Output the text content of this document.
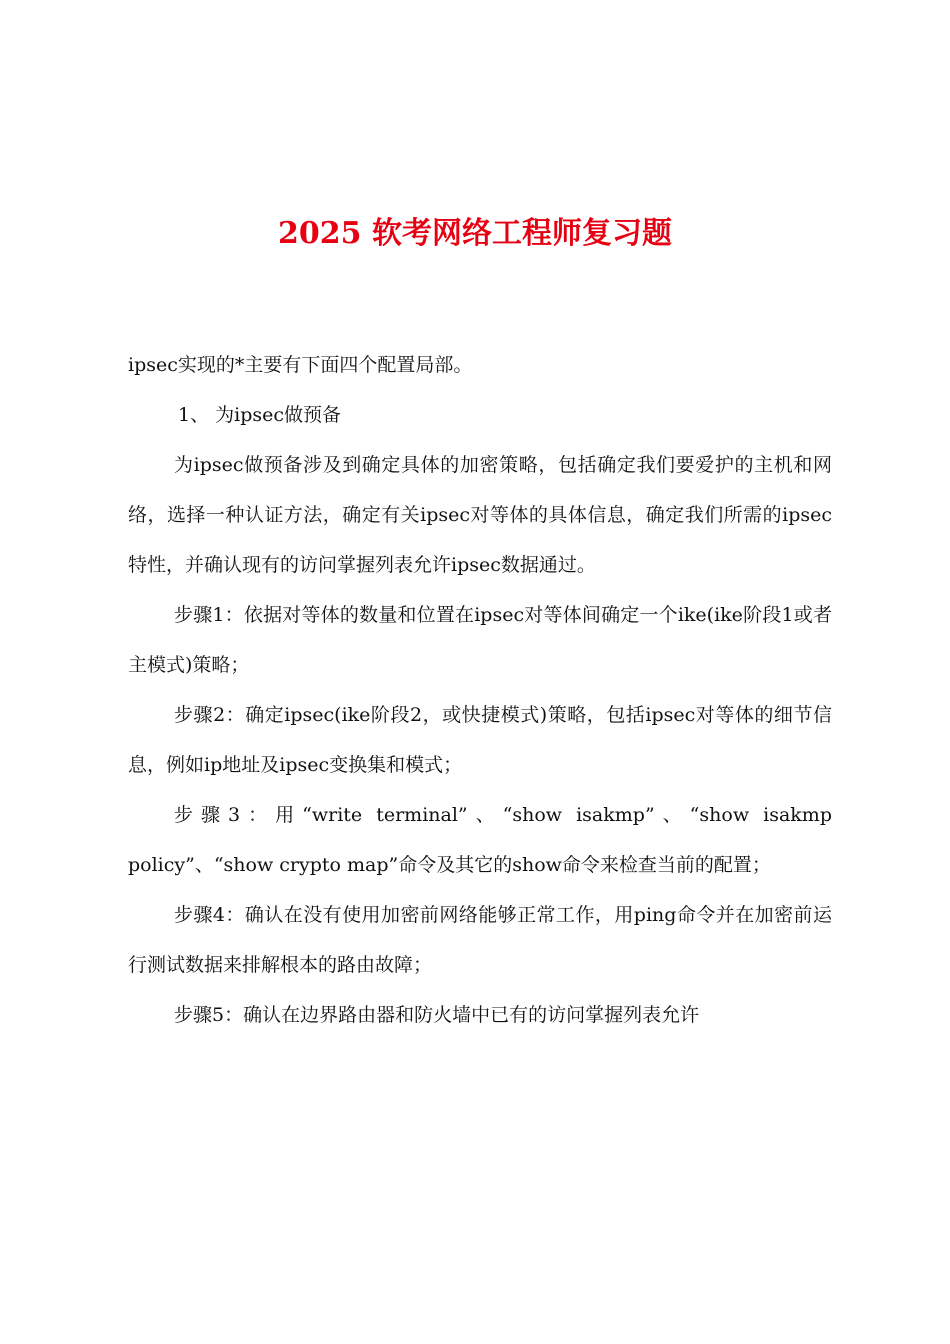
2025 软考网络工程师复习题

ipsec实现的*主要有下面四个配置局部。

1、 为ipsec做预备

为ipsec做预备涉及到确定具体的加密策略，包括确定我们要爱护的主机和网络，选择一种认证方法，确定有关ipsec对等体的具体信息，确定我们所需的ipsec特性，并确认现有的访问掌握列表允许ipsec数据通过。

步骤1：依据对等体的数量和位置在ipsec对等体间确定一个ike(ike阶段1或者主模式)策略；

步骤2：确定ipsec(ike阶段2，或快捷模式)策略，包括ipsec对等体的细节信息，例如ip地址及ipsec变换集和模式；

步骤3：用“write terminal”、“show isakmp”、“show isakmp policy”、“show crypto map”命令及其它的show命令来检查当前的配置；

步骤4：确认在没有使用加密前网络能够正常工作，用ping命令并在加密前运行测试数据来排解根本的路由故障；

步骤5：确认在边界路由器和防火墙中已有的访问掌握列表允许
